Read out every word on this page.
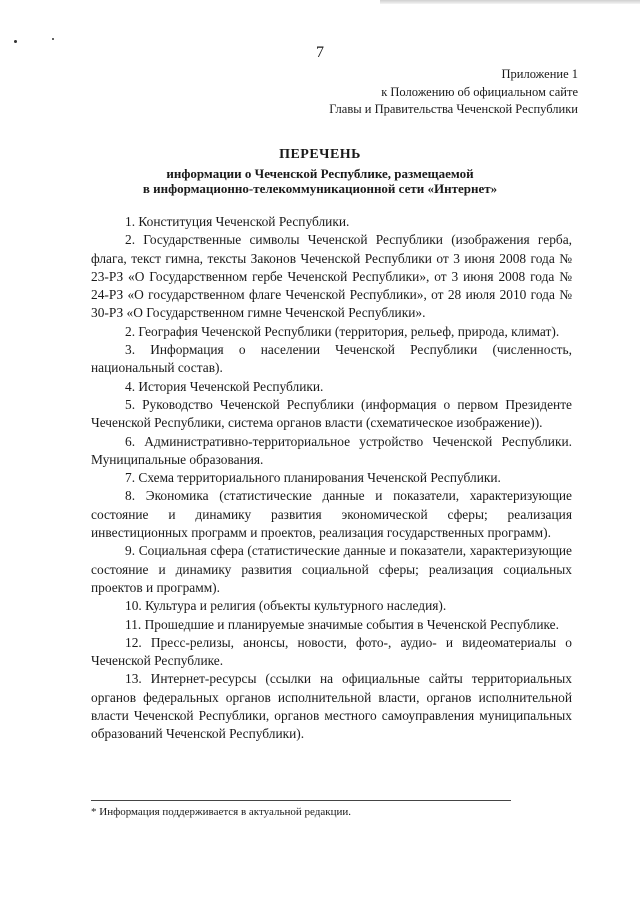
7
Приложение 1
к Положению об официальном сайте
Главы и Правительства Чеченской Республики
ПЕРЕЧЕНЬ
информации о Чеченской Республике, размещаемой
в информационно-телекоммуникационной сети «Интернет»

1. Конституция Чеченской Республики.

2. Государственные символы Чеченской Республики (изображения герба, флага, текст гимна, тексты Законов Чеченской Республики от 3 июня 2008 года № 23-РЗ «О Государственном гербе Чеченской Республики», от 3 июня 2008 года № 24-РЗ «О государственном флаге Чеченской Республики», от 28 июля 2010 года № 30-РЗ «О Государственном гимне Чеченской Республики».

2. География Чеченской Республики (территория, рельеф, природа, климат).

3. Информация о населении Чеченской Республики (численность, национальный состав).

4. История Чеченской Республики.

5. Руководство Чеченской Республики (информация о первом Президенте Чеченской Республики, система органов власти (схематическое изображение)).

6. Административно-территориальное устройство Чеченской Республики. Муниципальные образования.

7. Схема территориального планирования Чеченской Республики.

8. Экономика (статистические данные и показатели, характеризующие состояние и динамику развития экономической сферы; реализация инвестиционных программ и проектов, реализация государственных программ).

9. Социальная сфера (статистические данные и показатели, характеризующие состояние и динамику развития социальной сферы; реализация социальных проектов и программ).

10. Культура и религия (объекты культурного наследия).

11. Прошедшие и планируемые значимые события в Чеченской Республике.

12. Пресс-релизы, анонсы, новости, фото-, аудио- и видеоматериалы о Чеченской Республике.

13. Интернет-ресурсы (ссылки на официальные сайты территориальных органов федеральных органов исполнительной власти, органов исполнительной власти Чеченской Республики, органов местного самоуправления муниципальных образований Чеченской Республики).

* Информация поддерживается в актуальной редакции.
